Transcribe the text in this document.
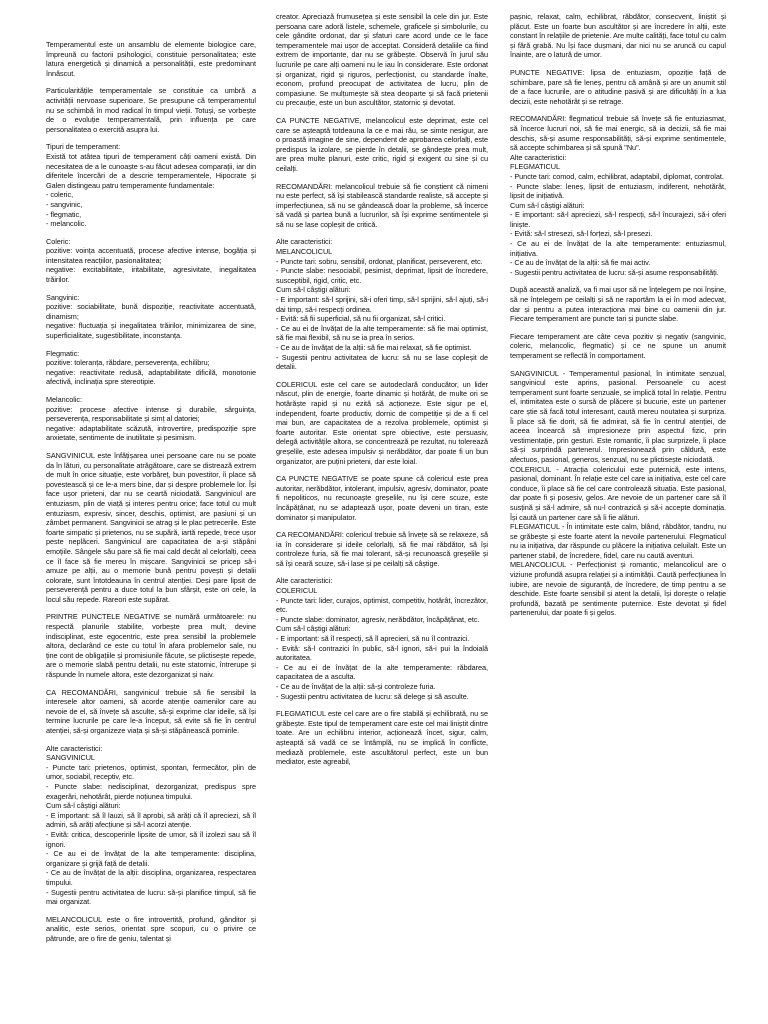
Temperamentul este un ansamblu de elemente biologice care, împreună cu factorii psihologici, constituie personalitatea; este latura energetică și dinamică a personalității, este predominant înnăscut.

Particularitățile temperamentale se constituie ca umbră a activității nervoase superioare. Se presupune că temperamentul nu se schimbă în mod radical în timpul vieții. Totuși, se vorbește de o evoluție temperamentală, prin influența pe care personalitatea o exercită asupra lui.

Tipuri de temperament:
Există tot atâtea tipuri de temperament câți oameni există. Din necesitatea de a le cunoaște s-au făcut adesea comparații, iar din diferitele încercări de a descrie temperamentele, Hipocrate și Galen distingeau patru temperamente fundamentale:
- coleric,
- sangvinic,
- flegmatic,
- melancolic.

Coleric:
pozitive: voința accentuată, procese afective intense, bogăția și intensitatea reacțiilor, pasionalitatea;
negative: excitabilitate, iritabilitate, agresivitate, inegalitatea trăirilor.

Sangvinic:
pozitive: sociabilitate, bună dispoziție, reactivitate accentuată, dinamism;
negative: fluctuația și inegalitatea trăirilor, minimizarea de sine, superficialitate, sugestibilitate, inconstanța.

Flegmatic:
pozitive: toleranța, răbdare, perseverența, echilibru;
negative: reactivitate redusă, adaptabilitate dificilă, monotonie afectivă, inclinația spre stereotipie.

Melancolic:
pozitive: procese afective intense și durabile, sârguința, perseverența, responsabilitate și simț al datoriei;
negative: adaptabilitate scăzută, introvertire, predispoziție spre anxietate, sentimente de inutilitate și pesimism.

SANGVINICUL este înfățișarea unei persoane care nu se poate da în lături, cu personalitate atrăgătoare, care se distrează extrem de mult în orice situație, este vorbăreț, bun povestitor, îi place să povestească și ce le-a mers bine, dar și despre problemele lor. Își face ușor prieteni, dar nu se ceartă niciodată. Sangvinicul are entuziasm, plin de viață și interes pentru orice; face totul cu mult entuziasm, expresiv, sincer, deschis, optimist, are pasiuni și un zâmbet permanent. Sangvinicii se atrag și le plac petrecerile. Este foarte simpatic și prietenos, nu se supără, iartă repede, trece ușor peste neplăceri. Sangvinicul are capacitatea de a-și stăpâni emoțiile. Sângele său pare să fie mai cald decât al celorlalți, ceea ce îl face să fie mereu în mișcare. Sangvinicii se pricep să-i amuze pe alții, au o memorie bună pentru povești și detalii colorate, sunt întotdeauna în centrul atenției. Deși pare lipsit de perseverență pentru a duce totul la bun sfârșit, este ori cele, la locul său repede. Rareori este supărat.

PRINTRE PUNCTELE NEGATIVE se numără următoarele: nu respectă planurile stabilite, vorbește prea mult, devine indisciplinat, este egocentric, este prea sensibil la problemele altora, declarând ce este cu totul în afara problemelor sale, nu ține cont de obligațiile și promisiunile făcute, se plictisește repede, are o memorie slabă pentru detalii, nu este statornic, întrerupe și răspunde în numele altora, este dezorganizat și naiv.

CA RECOMANDĂRI, sangvinicul trebuie să fie sensibil la interesele altor oameni, să acorde atenție oamenilor care au nevoie de el, să învețe să asculte, să-și exprime clar ideile, să își termine lucrurile pe care le-a început, să evite să fie în centrul atenției, să-și organizeze viața și să-și stăpânească pornirile.

Alte caracteristici:
SANGVINICUL
- Puncte tari: prietenos, optimist, spontan, fermecător, plin de umor, sociabil, receptiv, etc.
- Puncte slabe: nedisciplinat, dezorganizat, predispus spre exagerări, nehotărât, pierde noțiunea timpului.
Cum să-l câștigi alături:
- E important: să îl lauzi, să îl aprobi, să arăți că îl apreciezi, să îl admiri, să arăți afecțiune și să-l acorzi atenție.
- Evită: critica, descoperirile lipsite de umor, să îl izolezi sau să îl ignori.
- Ce au ei de învățat de la alte temperamente: disciplina, organizare și grijă față de detalii.
- Ce au de învățat de la alții: disciplina, organizarea, respectarea timpului.
- Sugestii pentru activitatea de lucru: să-și planifice timpul, să fie mai organizat.

MELANCOLICUL este o fire introvertită, profund, gânditor și analitic, este serios, orientat spre scopuri, cu o privire ce pătrunde, are o fire de geniu, talentat și

creator. Apreciază frumusețea și este sensibil la cele din jur. Este persoana care adoră listele, schemele, graficele și simbolurile, cu cele gândite ordonat, dar și sfaturi care acord unde ce le face temperamentele mai ușor de acceptat. Consideră detaliile ca fiind extrem de importante, dar nu se grăbește. Observă în jurul său lucrurile pe care alți oameni nu le iau în considerare. Este ordonat și organizat, rigid și riguros, perfecționist, cu standarde înalte, econom, profund preocupat de activitatea de lucru, plin de compasiune. Se mulțumește să stea deoparte și să facă prietenii cu precauție, este un bun ascultător, statornic și devotat.

CA PUNCTE NEGATIVE, melancolicul este deprimat, este cel care se așteaptă totdeauna la ce e mai rău, se simte nesigur, are o proastă imagine de sine, dependent de aprobarea celorlalți, este predispus la izolare, se pierde în detalii, se gândește prea mult, are prea multe planuri, este critic, rigid și exigent cu sine și cu ceilalți.

RECOMANDĂRI: melancolicul trebuie să fie conștient că nimeni nu este perfect, să își stabilească standarde realiste, să accepte și imperfecțiunea, să nu se gândească doar la probleme, să încerce să vadă și partea bună a lucrurilor, să își exprime sentimentele și să nu se lase copleșit de critică.

Alte caracteristici:
MELANCOLICUL
- Puncte tari: sobru, sensibil, ordonat, planificat, perseverent, etc.
- Puncte slabe: nesociabil, pesimist, deprimat, lipsit de încredere, susceptibil, rigid, critic, etc.
Cum să-l câștigi alături:
- E important: să-l sprijini, să-i oferi timp, să-l sprijini, să-l ajuți, să-i dai timp, să-i respecți ordinea.
- Evită: să fii superficial, să nu fii organizat, să-l critici.
- Ce au ei de învățat de la alte temperamente: să fie mai optimist, să fie mai flexibil, să nu se ia prea în serios.
- Ce au de învățat de la alții: să fie mai relaxat, să fie optimist.
- Sugestii pentru activitatea de lucru: să nu se lase copleșit de detalii.

COLERICUL este cel care se autodeclară conducător, un lider născut, plin de energie, foarte dinamic și hotărât, de multe ori se hotărăște rapid și nu ezită să acționeze. Este sigur pe el, independent, foarte productiv, dornic de competiție și de a fi cel mai bun, are capacitatea de a rezolva problemele, optimist și foarte autoritar. Este orientat spre obiective, este persuasiv, delegă activitățile altora, se concentrează pe rezultat, nu tolerează greșelile, este adesea impulsiv și nerăbdător, dar poate fi un bun organizator, are puțini prieteni, dar este loial.

CA PUNCTE NEGATIVE se poate spune că colericul este prea autoritar, nerăbdător, intolerant, impulsiv, agresiv, dominator, poate fi nepoliticos, nu recunoaște greșelile, nu își cere scuze, este încăpățânat, nu se adaptează ușor, poate deveni un tiran, este dominator și manipulator.

CA RECOMANDĂRI: colericul trebuie să învețe să se relaxeze, să ia în considerare și ideile celorlalți, să fie mai răbdător, să își controleze furia, să fie mai tolerant, să-și recunoască greșelile și să își ceară scuze, să-i lase și pe ceilalți să câștige.

Alte caracteristici:
COLERICUL
- Puncte tari: lider, curajos, optimist, competitiv, hotărât, încrezător, etc.
- Puncte slabe: dominator, agresiv, nerăbdător, încăpățânat, etc.
Cum să-l câștigi alături:
- E important: să îl respecți, să îl aprecieri, să nu îl contrazici.
- Evită: să-l contrazici în public, să-l ignori, să-i pui la îndoială autoritatea.
- Ce au ei de învățat de la alte temperamente: răbdarea, capacitatea de a asculta.
- Ce au de învățat de la alții: să-și controleze furia.
- Sugestii pentru activitatea de lucru: să delege și să asculte.

FLEGMATICUL este cel care are o fire stabilă și echilibrată, nu se grăbește. Este tipul de temperament care este cel mai liniștit dintre toate. Are un echilibru interior, acționează încet, sigur, calm, așteaptă să vadă ce se întâmplă, nu se implică în conflicte, mediază problemele, este ascultătorul perfect, este un bun mediator, este agreabil,

pașnic, relaxat, calm, echilibrat, răbdător, consecvent, liniștit și plăcut. Este un foarte bun ascultător și are încredere în alții, este constant în relațiile de prietenie. Are multe calități, face totul cu calm și fără grabă. Nu își face dușmani, dar nici nu se aruncă cu capul înainte, are o latură de umor.

PUNCTE NEGATIVE: lipsa de entuziasm, opoziție față de schimbare, pare să fie leneș, pentru că amână și are un anumit stil de a face lucrurile, are o atitudine pasivă și are dificultăți în a lua decizii, este nehotărât și se retrage.

RECOMANDĂRI: flegmaticul trebuie să învețe să fie entuziasmat, să încerce lucruri noi, să fie mai energic, să ia decizii, să fie mai deschis, să-și asume responsabilități, să-și exprime sentimentele, să accepte schimbarea și să spună "Nu".
Alte caracteristici:
FLEGMATICUL
- Puncte tari: comod, calm, echilibrat, adaptabil, diplomat, controlat.
- Puncte slabe: leneș, lipsit de entuziasm, indiferent, nehotărât, lipsit de inițiativă.
Cum să-l câștigi alături:
- E important: să-l apreciezi, să-l respecți, să-l încurajezi, să-i oferi liniște.
- Evită: să-l stresezi, să-l forțezi, să-l presezi.
- Ce au ei de învățat de la alte temperamente: entuziasmul, inițiativa.
- Ce au de învățat de la alții: să fie mai activ.
- Sugestii pentru activitatea de lucru: să-și asume responsabilități.

După această analiză, va fi mai ușor să ne înțelegem pe noi înșine, să ne înțelegem pe ceilalți și să ne raportăm la ei în mod adecvat, dar și pentru a putea interacționa mai bine cu oamenii din jur. Fiecare temperament are puncte tari și puncte slabe.

Fiecare temperament are câte ceva pozitiv și negativ (sangvinic, coleric, melancolic, flegmatic) și ce ne spune un anumit temperament se reflectă în comportament.

SANGVINICUL - Temperamentul pasional, în intimitate senzual, sangvinicul este aprins, pasional. Persoanele cu acest temperament sunt foarte senzuale, se implică total în relație. Pentru el, intimitatea este o sursă de plăcere și bucurie, este un partener care știe să facă totul interesant, caută mereu noutatea și surpriza. Îi place să fie dorit, să fie admirat, să fie în centrul atenției, de aceea încearcă să impresioneze prin aspectul fizic, prin vestimentație, prin gesturi. Este romantic, îi plac surprizele, îi place să-și surprindă partenerul. Impresionează prin căldură, este afectuos, pasional, generos, senzual, nu se plictisește niciodată.
COLERICUL - Atracția colericului este puternică, este intens, pasional, dominant. În relație este cel care ia inițiativa, este cel care conduce, îi place să fie cel care controlează situația. Este pasional, dar poate fi și posesiv, gelos. Are nevoie de un partener care să îl susțină și să-l admire, să nu-l contrazică și să-i accepte dominația. Își caută un partener care să îi fie alături.
FLEGMATICUL - În intimitate este calm, blând, răbdător, tandru, nu se grăbește și este foarte atent la nevoile partenerului. Flegmaticul nu ia inițiativa, dar răspunde cu plăcere la inițiativa celuilalt. Este un partener stabil, de încredere, fidel, care nu caută aventuri.
MELANCOLICUL - Perfecționist și romantic, melancolicul are o viziune profundă asupra relației și a intimității. Caută perfecțiunea în iubire, are nevoie de siguranță, de încredere, de timp pentru a se deschide. Este foarte sensibil și atent la detalii, își dorește o relație profundă, bazată pe sentimente puternice. Este devotat și fidel partenerului, dar poate fi și gelos.
